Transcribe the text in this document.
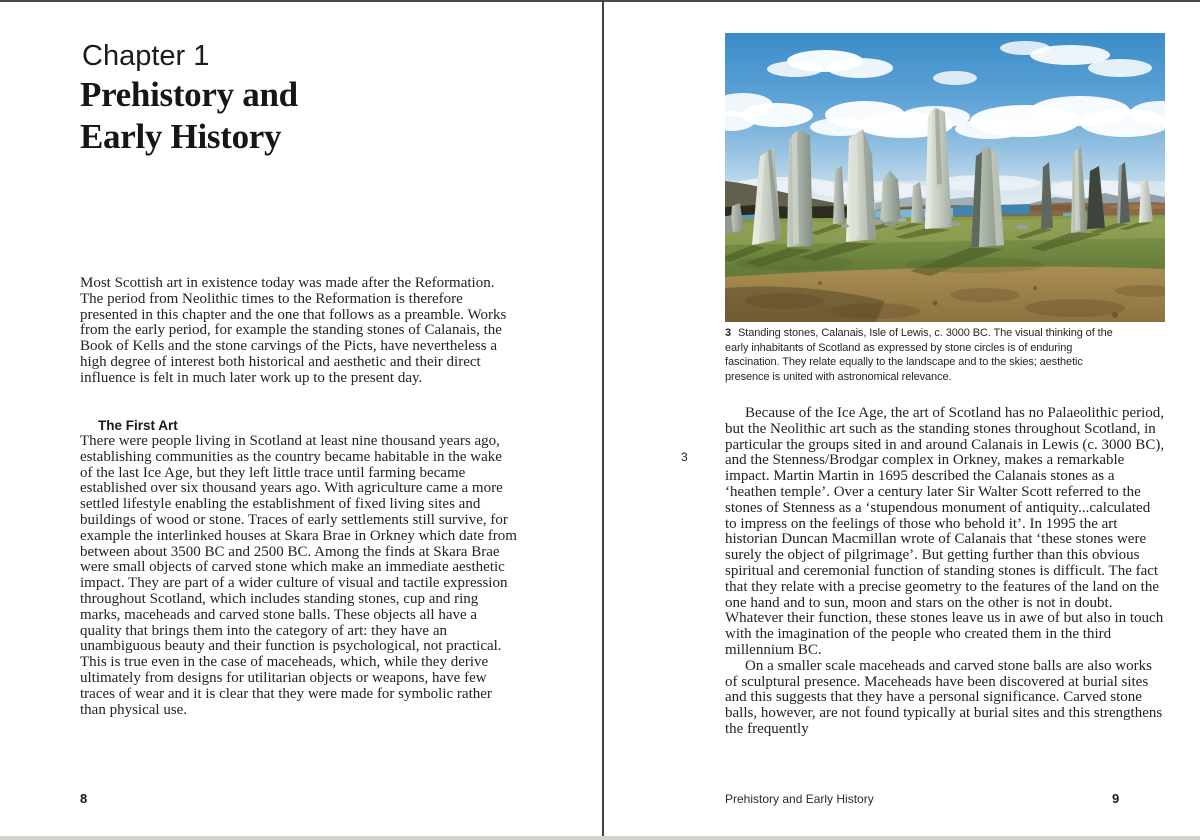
Chapter 1
Prehistory and
Early History
Most Scottish art in existence today was made after the Reformation. The period from Neolithic times to the Reformation is therefore presented in this chapter and the one that follows as a preamble. Works from the early period, for example the standing stones of Calanais, the Book of Kells and the stone carvings of the Picts, have nevertheless a high degree of interest both historical and aesthetic and their direct influence is felt in much later work up to the present day.
The First Art
There were people living in Scotland at least nine thousand years ago, establishing communities as the country became habitable in the wake of the last Ice Age, but they left little trace until farming became established over six thousand years ago. With agriculture came a more settled lifestyle enabling the establishment of fixed living sites and buildings of wood or stone. Traces of early settlements still survive, for example the interlinked houses at Skara Brae in Orkney which date from between about 3500 BC and 2500 BC. Among the finds at Skara Brae were small objects of carved stone which make an immediate aesthetic impact. They are part of a wider culture of visual and tactile expression throughout Scotland, which includes standing stones, cup and ring marks, maceheads and carved stone balls. These objects all have a quality that brings them into the category of art: they have an unambiguous beauty and their function is psychological, not practical. This is true even in the case of maceheads, which, while they derive ultimately from designs for utilitarian objects or weapons, have few traces of wear and it is clear that they were made for symbolic rather than physical use.
8
3 Standing stones, Calanais, Isle of Lewis, c. 3000 BC. The visual thinking of the early inhabitants of Scotland as expressed by stone circles is of enduring fascination. They relate equally to the landscape and to the skies; aesthetic presence is united with astronomical relevance.
3

Because of the Ice Age, the art of Scotland has no Palaeolithic period, but the Neolithic art such as the standing stones throughout Scotland, in particular the groups sited in and around Calanais in Lewis (c. 3000 BC), and the Stenness/Brodgar complex in Orkney, makes a remarkable impact. Martin Martin in 1695 described the Calanais stones as a ‘heathen temple’. Over a century later Sir Walter Scott referred to the stones of Stenness as a ‘stupendous monument of antiquity...calculated to impress on the feelings of those who behold it’. In 1995 the art historian Duncan Macmillan wrote of Calanais that ‘these stones were surely the object of pilgrimage’. But getting further than this obvious spiritual and ceremonial function of standing stones is difficult. The fact that they relate with a precise geometry to the features of the land on the one hand and to sun, moon and stars on the other is not in doubt. Whatever their function, these stones leave us in awe of but also in touch with the imagination of the people who created them in the third millennium BC.

On a smaller scale maceheads and carved stone balls are also works of sculptural presence. Maceheads have been discovered at burial sites and this suggests that they have a personal significance. Carved stone balls, however, are not found typically at burial sites and this strengthens the frequently

Prehistory and Early History	9
